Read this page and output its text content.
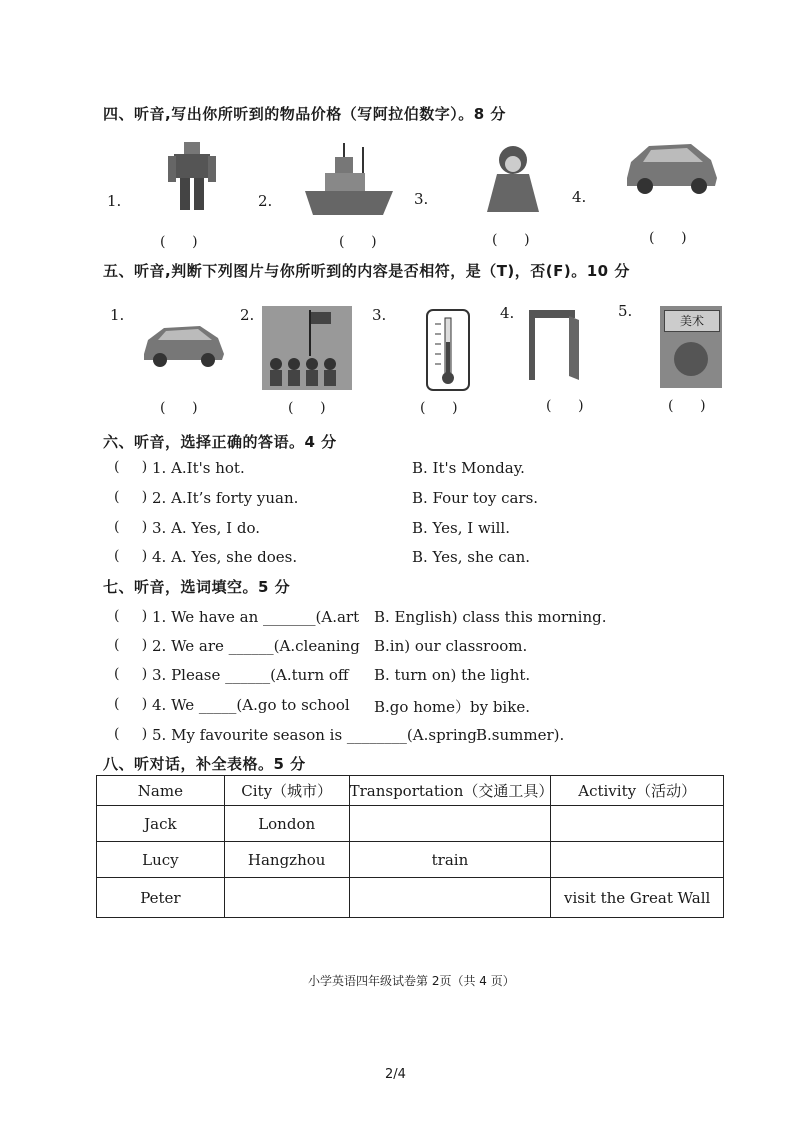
四、听音,写出你所听到的物品价格（写阿拉伯数字）。8 分
1.
(      )
2.
(      )
3.
(      )
4.
(      )
五、听音,判断下列图片与你所听到的内容是否相符，是（T)，否(F)。10 分
1.
(      )
2.
(      )
3.
(      )
4.
(      )
5.
美术
(      )
六、听音，选择正确的答语。4 分
(     ) 1. A.It's hot.	B. It's Monday.
(     ) 2. A.It’s forty yuan.	B. Four toy cars.
(     ) 3. A. Yes, I do.	B. Yes, I will.
(     ) 4. A. Yes, she does.	B. Yes, she can.
七、听音，选词填空。5 分
(     ) 1. We have an _______(A.art B. English) class this morning.
(     ) 2. We are ______(A.cleaning B.in) our classroom.
(     ) 3. Please ______(A.turn off B. turn on) the light.
(     ) 4. We _____(A.go to school B.go home）by bike.
(     ) 5. My favourite season is ________(A.spring B.summer).
八、听对话，补全表格。5 分
Name	City（城市）	Transportation（交通工具）	Activity（活动）
Jack	London		
Lucy	Hangzhou	train	
Peter			visit the Great Wall
小学英语四年级试卷第 2页（共 4 页）
2/4
